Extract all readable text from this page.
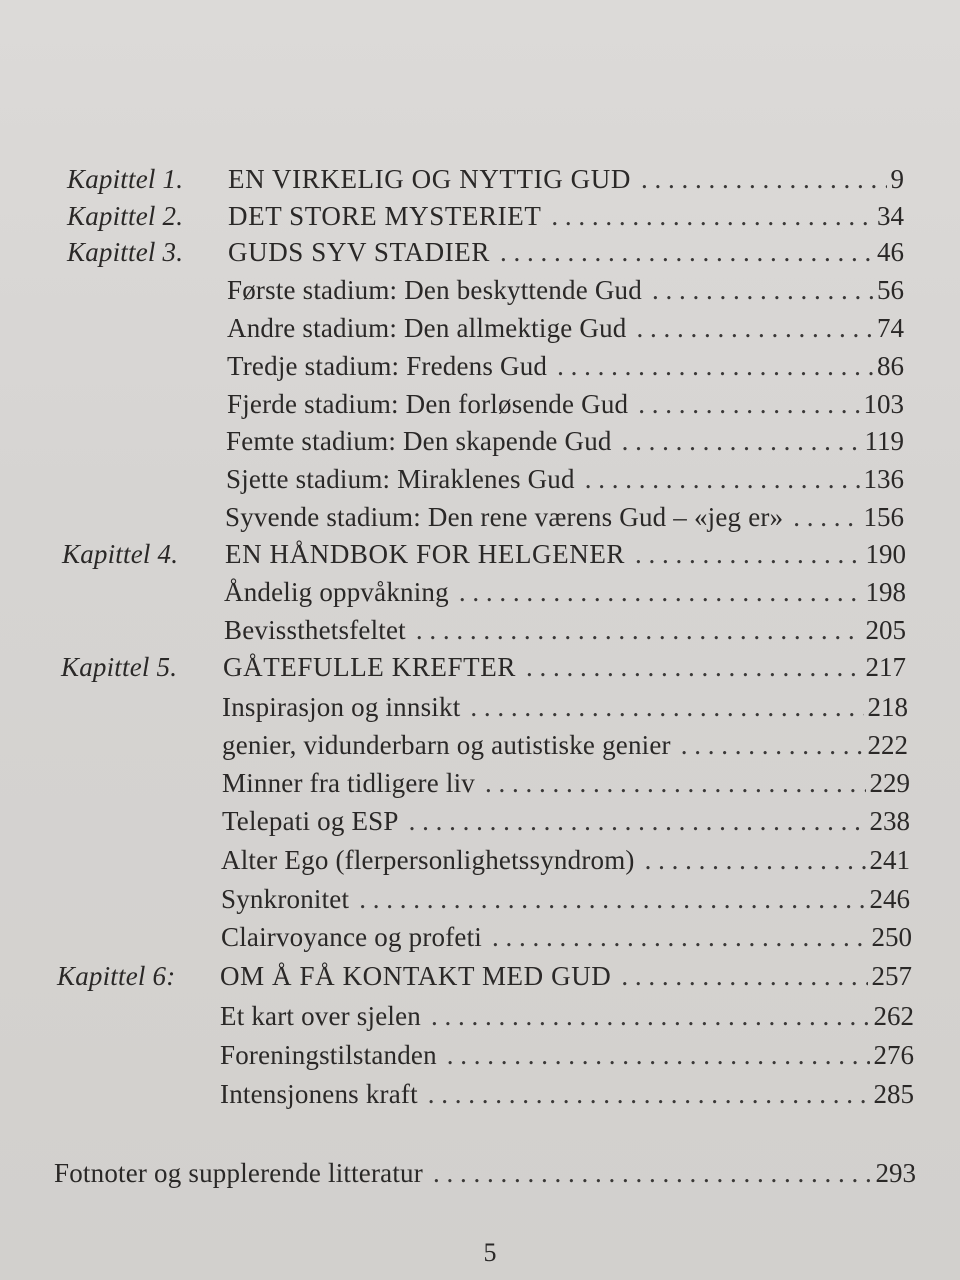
Kapittel 1. EN VIRKELIG OG NYTTIG GUD . . .	9
Kapittel 2. DET STORE MYSTERIET . . .	34
Kapittel 3. GUDS SYV STADIER . . .	46
Første stadium: Den beskyttende Gud . . .	56
Andre stadium: Den allmektige Gud . . .	74
Tredje stadium: Fredens Gud . . .	86
Fjerde stadium: Den forløsende Gud . . .	103
Femte stadium: Den skapende Gud . . .	119
Sjette stadium: Miraklenes Gud . . .	136
Syvende stadium: Den rene værens Gud – «jeg er» . . .	156
Kapittel 4. EN HÅNDBOK FOR HELGENER . . .	190
Åndelig oppvåkning . . .	198
Bevissthetsfeltet . . .	205
Kapittel 5. GÅTEFULLE KREFTER . . .	217
Inspirasjon og innsikt . . .	218
genier, vidunderbarn og autistiske genier . . .	222
Minner fra tidligere liv . . .	229
Telepati og ESP . . .	238
Alter Ego (flerpersonlighetssyndrom) . . .	241
Synkronitet . . .	246
Clairvoyance og profeti . . .	250
Kapittel 6: OM Å FÅ KONTAKT MED GUD . . .	257
Et kart over sjelen . . .	262
Foreningstilstanden . . .	276
Intensjonens kraft . . .	285
Fotnoter og supplerende litteratur . . .	293
5
